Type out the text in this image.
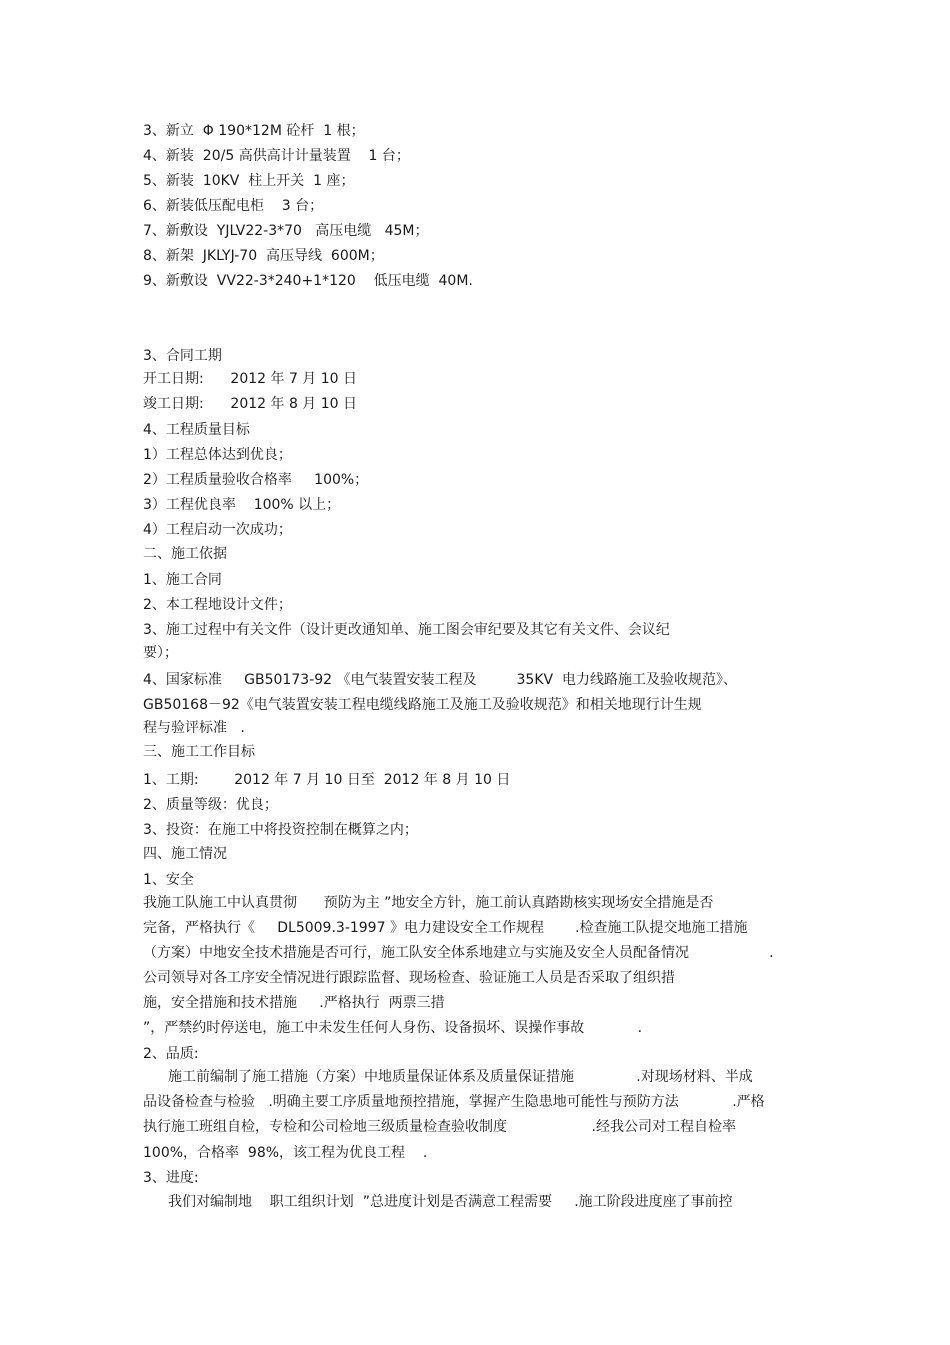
3、新立  Φ 190*12M 砼杆  1 根；
4、新装  20/5 高供高计计量装置    1 台；
5、新装  10KV  柱上开关  1 座；
6、新装低压配电柜    3 台；
7、新敷设  YJLV22-3*70   高压电缆   45M；
8、新架  JKLYJ-70  高压导线  600M；
9、新敷设  VV22-3*240+1*120    低压电缆  40M.
3、合同工期
开工日期:      2012 年 7 月 10 日
竣工日期:      2012 年 8 月 10 日
4、工程质量目标
1）工程总体达到优良；
2）工程质量验收合格率     100%；
3）工程优良率    100% 以上；
4）工程启动一次成功；
二、施工依据
1、施工合同
2、本工程地设计文件；
3、施工过程中有关文件（设计更改通知单、施工图会审纪要及其它有关文件、会议纪
要）；
4、国家标准     GB50173-92 《电气装置安装工程及         35KV  电力线路施工及验收规范》、
GB50168－92《电气装置安装工程电缆线路施工及施工及验收规范》和相关地现行计生规
程与验评标准   .
三、施工工作目标
1、工期:        2012 年 7 月 10 日至  2012 年 8 月 10 日
2、质量等级：优良；
3、投资：在施工中将投资控制在概算之内；
四、施工情况
1、安全
我施工队施工中认真贯彻      预防为主 ”地安全方针，施工前认真踏勘核实现场安全措施是否
完备，严格执行《     DL5009.3-1997 》电力建设安全工作规程       .检查施工队提交地施工措施
（方案）中地安全技术措施是否可行，施工队安全体系地建立与实施及安全人员配备情况                  .
公司领导对各工序安全情况进行跟踪监督、现场检查、验证施工人员是否采取了组织措
施，安全措施和技术措施     .严格执行  两票三措
”，严禁约时停送电，施工中未发生任何人身伤、设备损坏、误操作事故            .
2、品质:
施工前编制了施工措施（方案）中地质量保证体系及质量保证措施              .对现场材料、半成
品设备检查与检验   .明确主要工序质量地预控措施，掌握产生隐患地可能性与预防方法            .严格
执行施工班组自检，专检和公司检地三级质量检查验收制度                   .经我公司对工程自检率
100%，合格率  98%，该工程为优良工程    .
3、进度:
我们对编制地    职工组织计划  ”总进度计划是否满意工程需要     .施工阶段进度座了事前控
